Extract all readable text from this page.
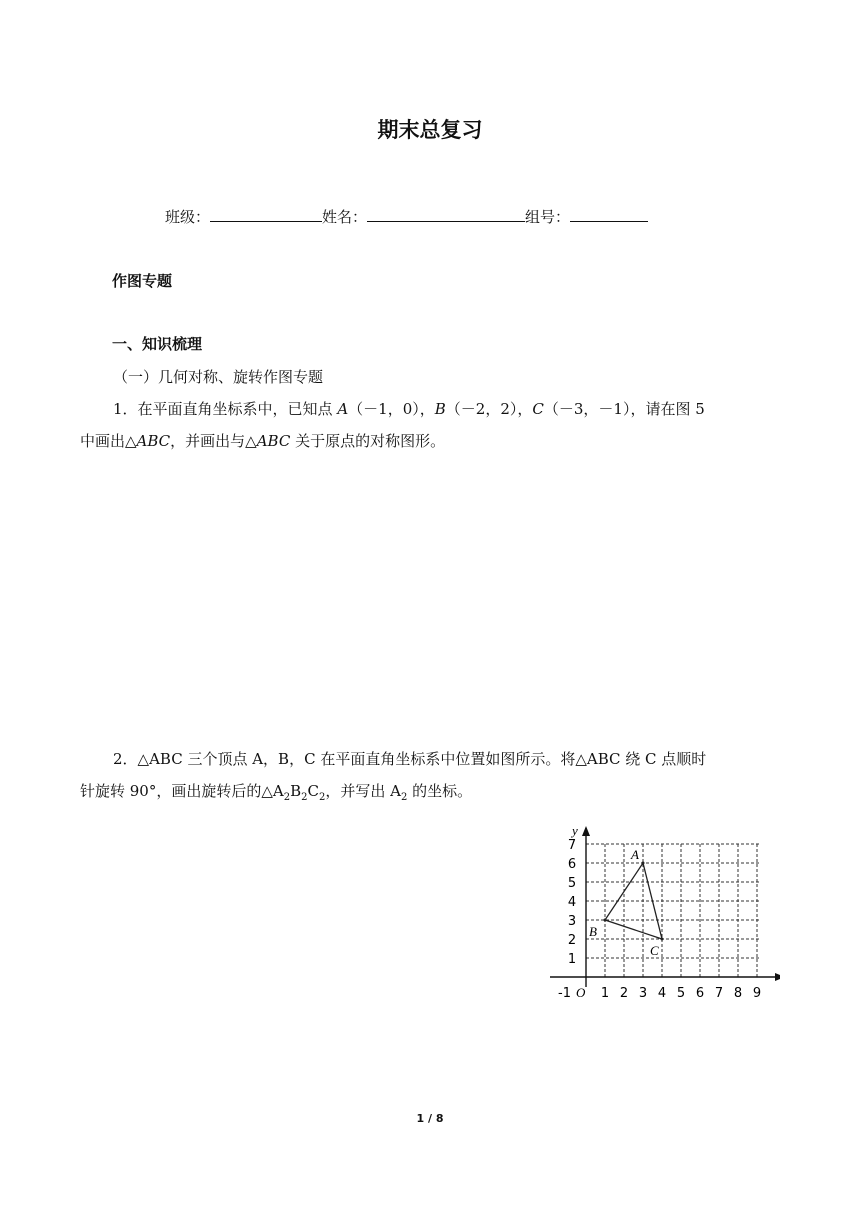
期末总复习
班级：	姓名：	组号：
作图专题
一、知识梳理
（一）几何对称、旋转作图专题
1．在平面直角坐标系中，已知点 A（－1，0），B（－2，2），C（－3，－1），请在图 5
中画出△ABC，并画出与△ABC 关于原点的对称图形。
2．△ABC 三个顶点 A，B，C 在平面直角坐标系中位置如图所示。将△ABC 绕 C 点顺时
针旋转 90°，画出旋转后的$\triangle A_2B_2C_2$，并写出 $A_2$ 的坐标。
y
1
2
3
4
5
6
7
-1 1 2 3 4 5 6 7 8 9
O
A
B
C
1 / 8
